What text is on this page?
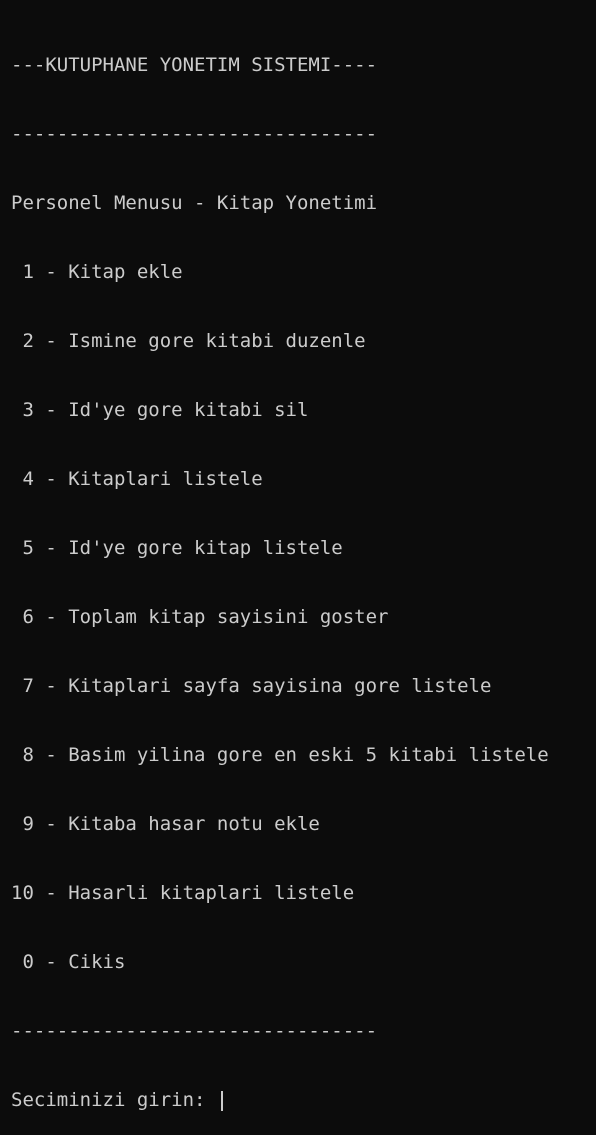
---KUTUPHANE YONETIM SISTEMI----

--------------------------------

Personel Menusu - Kitap Yonetimi

1 - Kitap ekle

2 - Ismine gore kitabi duzenle

3 - Id'ye gore kitabi sil

4 - Kitaplari listele

5 - Id'ye gore kitap listele

6 - Toplam kitap sayisini goster

7 - Kitaplari sayfa sayisina gore listele

8 - Basim yilina gore en eski 5 kitabi listele

9 - Kitaba hasar notu ekle

10 - Hasarli kitaplari listele

0 - Cikis

--------------------------------

Seciminizi girin:
